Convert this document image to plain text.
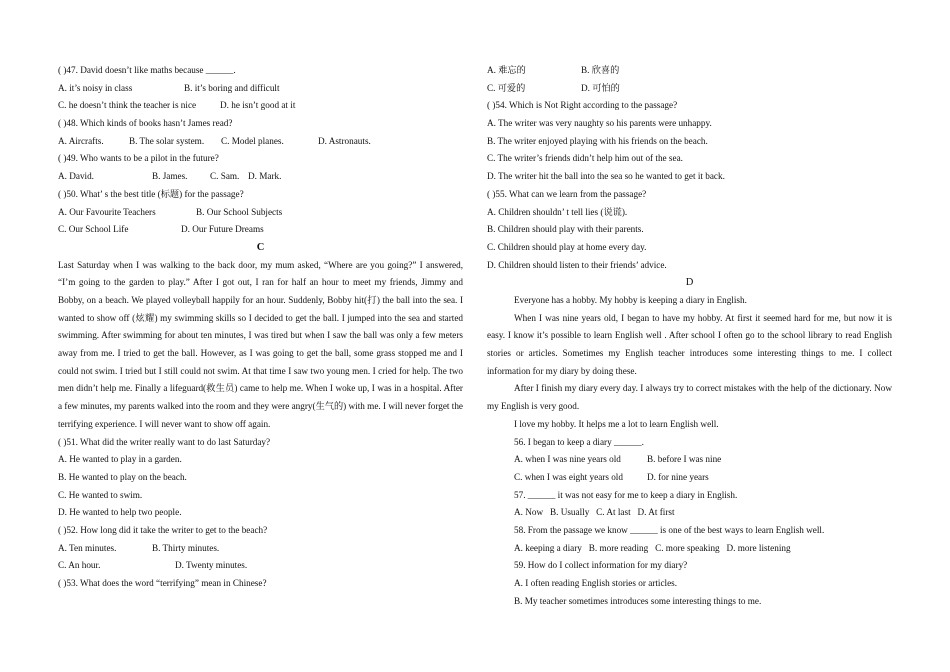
( )47. David doesn’t like maths because ______.
A. it’s noisy in class	B. it’s boring and difficult
C. he doesn’t think the teacher is nice	D. he isn’t good at it
( )48. Which kinds of books hasn’t James read?
A. Aircrafts.	B. The solar system. C. Model planes.	D. Astronauts.
( )49. Who wants to be a pilot in the future?
A. David.	B. James. C. Sam. D. Mark.
( )50. What’ s the best title (标题) for the passage?
A. Our Favourite Teachers	B. Our School Subjects
C. Our School Life	D. Our Future Dreams
C

Last Saturday when I was walking to the back door, my mum asked, “Where are you going?” I answered, “I’m going to the garden to play.” After I got out, I ran for half an hour to meet my friends, Jimmy and Bobby, on a beach. We played volleyball happily for an hour. Suddenly, Bobby hit(打) the ball into the sea. I wanted to show off (炫耀) my swimming skills so I decided to get the ball. I jumped into the sea and started swimming. After swimming for about ten minutes, I was tired but when I saw the ball was only a few meters away from me. I tried to get the ball. However, as I was going to get the ball, some grass stopped me and I could not swim. I tried but I still could not swim. At that time I saw two young men. I cried for help. The two men didn’t help me. Finally a lifeguard(救生员) came to help me. When I woke up, I was in a hospital. After a few minutes, my parents walked into the room and they were angry(生气的) with me. I will never forget the terrifying experience. I will never want to show off again.

( )51. What did the writer really want to do last Saturday?
A. He wanted to play in a garden.
B. He wanted to play on the beach.
C. He wanted to swim.
D. He wanted to help two people.
( )52. How long did it take the writer to get to the beach?
A. Ten minutes.	B. Thirty minutes.
C. An hour.	D. Twenty minutes.
( )53. What does the word “terrifying” mean in Chinese?
A. 难忘的	B. 欣喜的
C. 可爱的	D. 可怕的
( )54. Which is Not Right according to the passage?
A. The writer was very naughty so his parents were unhappy.
B. The writer enjoyed playing with his friends on the beach.
C. The writer’s friends didn’t help him out of the sea.
D. The writer hit the ball into the sea so he wanted to get it back.
( )55. What can we learn from the passage?
A. Children shouldn’ t tell lies (说谎).
B. Children should play with their parents.
C. Children should play at home every day.
D. Children should listen to their friends’ advice.
D

Everyone has a hobby. My hobby is keeping a diary in English.

When I was nine years old, I began to have my hobby. At first it seemed hard for me, but now it is easy. I know it’s possible to learn English well . After school I often go to the school library to read English stories or articles. Sometimes my English teacher introduces some interesting things to me. I collect information for my diary by doing these.

After I finish my diary every day. I always try to correct mistakes with the help of the dictionary. Now my English is very good.

I love my hobby. It helps me a lot to learn English well.

56. I began to keep a diary ______.
A. when I was nine years old	B. before I was nine
C. when I was eight years old	D. for nine years
57. ______ it was not easy for me to keep a diary in English.
A. Now   B. Usually   C. At last   D. At first
58. From the passage we know ______ is one of the best ways to learn English well.
A. keeping a diary   B. more reading   C. more speaking   D. more listening
59. How do I collect information for my diary?
A. I often reading English stories or articles.
B. My teacher sometimes introduces some interesting things to me.
